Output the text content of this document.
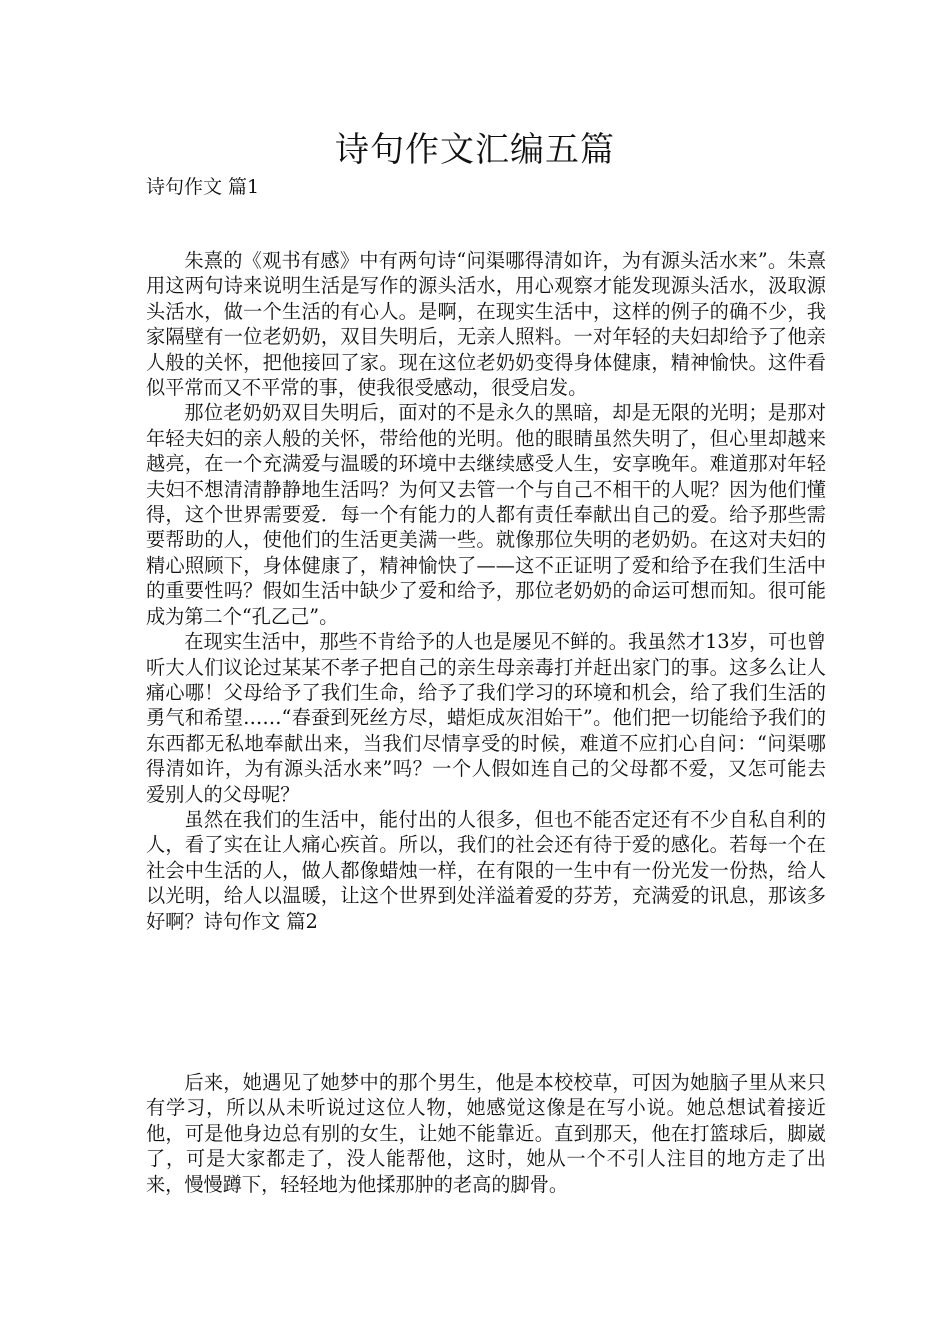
诗句作文汇编五篇
诗句作文 篇1

朱熹的《观书有感》中有两句诗“问渠哪得清如许，为有源头活水来”。朱熹用这两句诗来说明生活是写作的源头活水，用心观察才能发现源头活水，汲取源头活水，做一个生活的有心人。是啊，在现实生活中，这样的例子的确不少，我家隔壁有一位老奶奶，双目失明后，无亲人照料。一对年轻的夫妇却给予了他亲人般的关怀，把他接回了家。现在这位老奶奶变得身体健康，精神愉快。这件看似平常而又不平常的事，使我很受感动，很受启发。

那位老奶奶双目失明后，面对的不是永久的黑暗，却是无限的光明；是那对年轻夫妇的亲人般的关怀，带给他的光明。他的眼睛虽然失明了，但心里却越来越亮，在一个充满爱与温暖的环境中去继续感受人生，安享晚年。难道那对年轻夫妇不想清清静静地生活吗？为何又去管一个与自己不相干的人呢？因为他们懂得，这个世界需要爱．每一个有能力的人都有责任奉献出自己的爱。给予那些需要帮助的人，使他们的生活更美满一些。就像那位失明的老奶奶。在这对夫妇的精心照顾下，身体健康了，精神愉快了——这不正证明了爱和给予在我们生活中的重要性吗？假如生活中缺少了爱和给予，那位老奶奶的命运可想而知。很可能成为第二个“孔乙己”。

在现实生活中，那些不肯给予的人也是屡见不鲜的。我虽然才13岁，可也曾听大人们议论过某某不孝子把自己的亲生母亲毒打并赶出家门的事。这多么让人痛心哪！父母给予了我们生命，给予了我们学习的环境和机会，给了我们生活的勇气和希望……“春蚕到死丝方尽，蜡炬成灰泪始干”。他们把一切能给予我们的东西都无私地奉献出来，当我们尽情享受的时候，难道不应扪心自问：“问渠哪得清如许，为有源头活水来”吗？一个人假如连自己的父母都不爱，又怎可能去爱别人的父母呢？

虽然在我们的生活中，能付出的人很多，但也不能否定还有不少自私自利的人，看了实在让人痛心疾首。所以，我们的社会还有待于爱的感化。若每一个在社会中生活的人，做人都像蜡烛一样，在有限的一生中有一份光发一份热，给人以光明，给人以温暖，让这个世界到处洋溢着爱的芬芳，充满爱的讯息，那该多好啊？诗句作文 篇2

后来，她遇见了她梦中的那个男生，他是本校校草，可因为她脑子里从来只有学习，所以从未听说过这位人物，她感觉这像是在写小说。她总想试着接近他，可是他身边总有别的女生，让她不能靠近。直到那天，他在打篮球后，脚崴了，可是大家都走了，没人能帮他，这时，她从一个不引人注目的地方走了出来，慢慢蹲下，轻轻地为他揉那肿的老高的脚骨。
